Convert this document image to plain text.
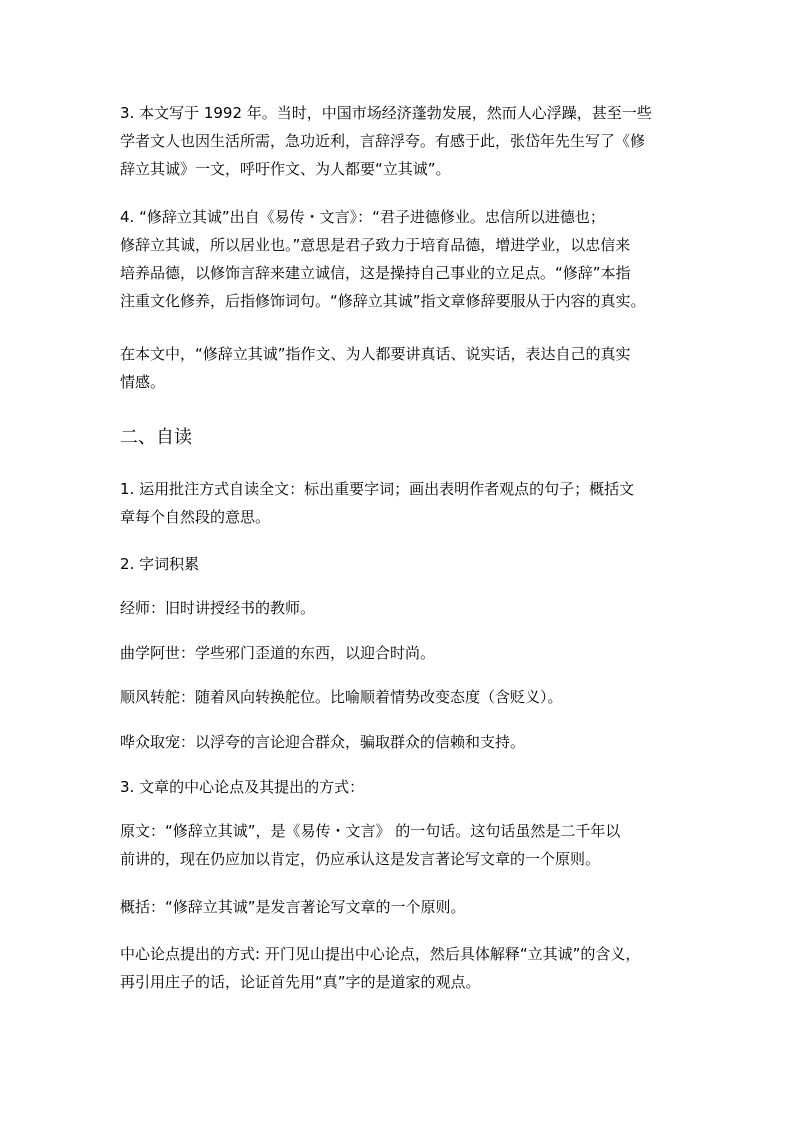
3. 本文写于 1992 年。当时，中国市场经济蓬勃发展，然而人心浮躁，甚至一些
学者文人也因生活所需，急功近利，言辞浮夸。有感于此，张岱年先生写了《修
辞立其诚》一文，呼吁作文、为人都要“立其诚”。
4. “修辞立其诚”出自《易传・文言》：“君子进德修业。忠信所以进德也；
修辞立其诚，所以居业也。”意思是君子致力于培育品德，增进学业，以忠信来
培养品德，以修饰言辞来建立诚信，这是操持自己事业的立足点。“修辞”本指
注重文化修养，后指修饰词句。“修辞立其诚”指文章修辞要服从于内容的真实。
在本文中，“修辞立其诚”指作文、为人都要讲真话、说实话，表达自己的真实
情感。
二、自读
1. 运用批注方式自读全文：标出重要字词；画出表明作者观点的句子；概括文
章每个自然段的意思。
2. 字词积累
经师：旧时讲授经书的教师。
曲学阿世：学些邪门歪道的东西，以迎合时尚。
顺风转舵：随着风向转换舵位。比喻顺着情势改变态度（含贬义）。
哗众取宠：以浮夸的言论迎合群众，骗取群众的信赖和支持。
3. 文章的中心论点及其提出的方式：
原文：“修辞立其诚”，是《易传・文言》 的一句话。这句话虽然是二千年以
前讲的，现在仍应加以肯定，仍应承认这是发言著论写文章的一个原则。
概括：“修辞立其诚”是发言著论写文章的一个原则。
中心论点提出的方式: 开门见山提出中心论点，然后具体解释“立其诚”的含义，
再引用庄子的话，论证首先用“真”字的是道家的观点。
